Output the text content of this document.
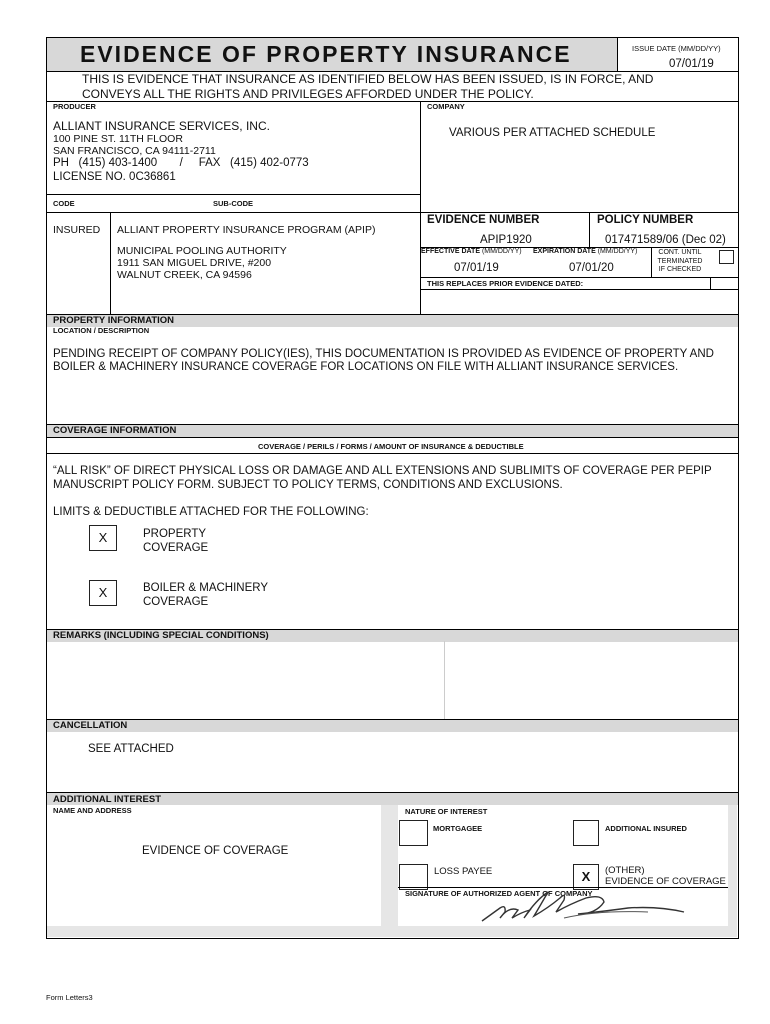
EVIDENCE OF PROPERTY INSURANCE	ISSUE DATE (MM/DD/YY)
07/01/19
THIS IS EVIDENCE THAT INSURANCE AS IDENTIFIED BELOW HAS BEEN ISSUED, IS IN FORCE, AND
CONVEYS ALL THE RIGHTS AND PRIVILEGES AFFORDED UNDER THE POLICY.
PRODUCER	COMPANY
ALLIANT INSURANCE SERVICES, INC.
100 PINE ST. 11TH FLOOR
SAN FRANCISCO, CA 94111-2711
PH   (415) 403-1400       /     FAX   (415) 402-0773
LICENSE NO. 0C36861
VARIOUS PER ATTACHED SCHEDULE
CODE	SUB-CODE
INSURED ALLIANT PROPERTY INSURANCE PROGRAM (APIP)
MUNICIPAL POOLING AUTHORITY
1911 SAN MIGUEL DRIVE, #200
WALNUT CREEK, CA 94596
EVIDENCE NUMBER	POLICY NUMBER
APIP1920	017471589/06 (Dec 02)
EFFECTIVE DATE (MM/DD/YY) EXPIRATION DATE (MM/DD/YY)	CONT. UNTIL
TERMINATED
IF CHECKED
07/01/19	07/01/20
THIS REPLACES PRIOR EVIDENCE DATED:
PROPERTY INFORMATION
LOCATION / DESCRIPTION
PENDING RECEIPT OF COMPANY POLICY(IES), THIS DOCUMENTATION IS PROVIDED AS EVIDENCE OF PROPERTY AND
BOILER & MACHINERY INSURANCE COVERAGE FOR LOCATIONS ON FILE WITH ALLIANT INSURANCE SERVICES.
COVERAGE INFORMATION
COVERAGE / PERILS / FORMS / AMOUNT OF INSURANCE & DEDUCTIBLE
“ALL RISK” OF DIRECT PHYSICAL LOSS OR DAMAGE AND ALL EXTENSIONS AND SUBLIMITS OF COVERAGE PER PEPIP
MANUSCRIPT POLICY FORM. SUBJECT TO POLICY TERMS, CONDITIONS AND EXCLUSIONS.
LIMITS & DEDUCTIBLE ATTACHED FOR THE FOLLOWING:
X	PROPERTY
COVERAGE
X	BOILER & MACHINERY
COVERAGE
REMARKS (INCLUDING SPECIAL CONDITIONS)
CANCELLATION
SEE ATTACHED
ADDITIONAL INTEREST
NAME AND ADDRESS
EVIDENCE OF COVERAGE
NATURE OF INTEREST
MORTGAGEE	ADDITIONAL INSURED
LOSS PAYEE	X	(OTHER)
EVIDENCE OF COVERAGE
SIGNATURE OF AUTHORIZED AGENT OF COMPANY
Form Letters3
